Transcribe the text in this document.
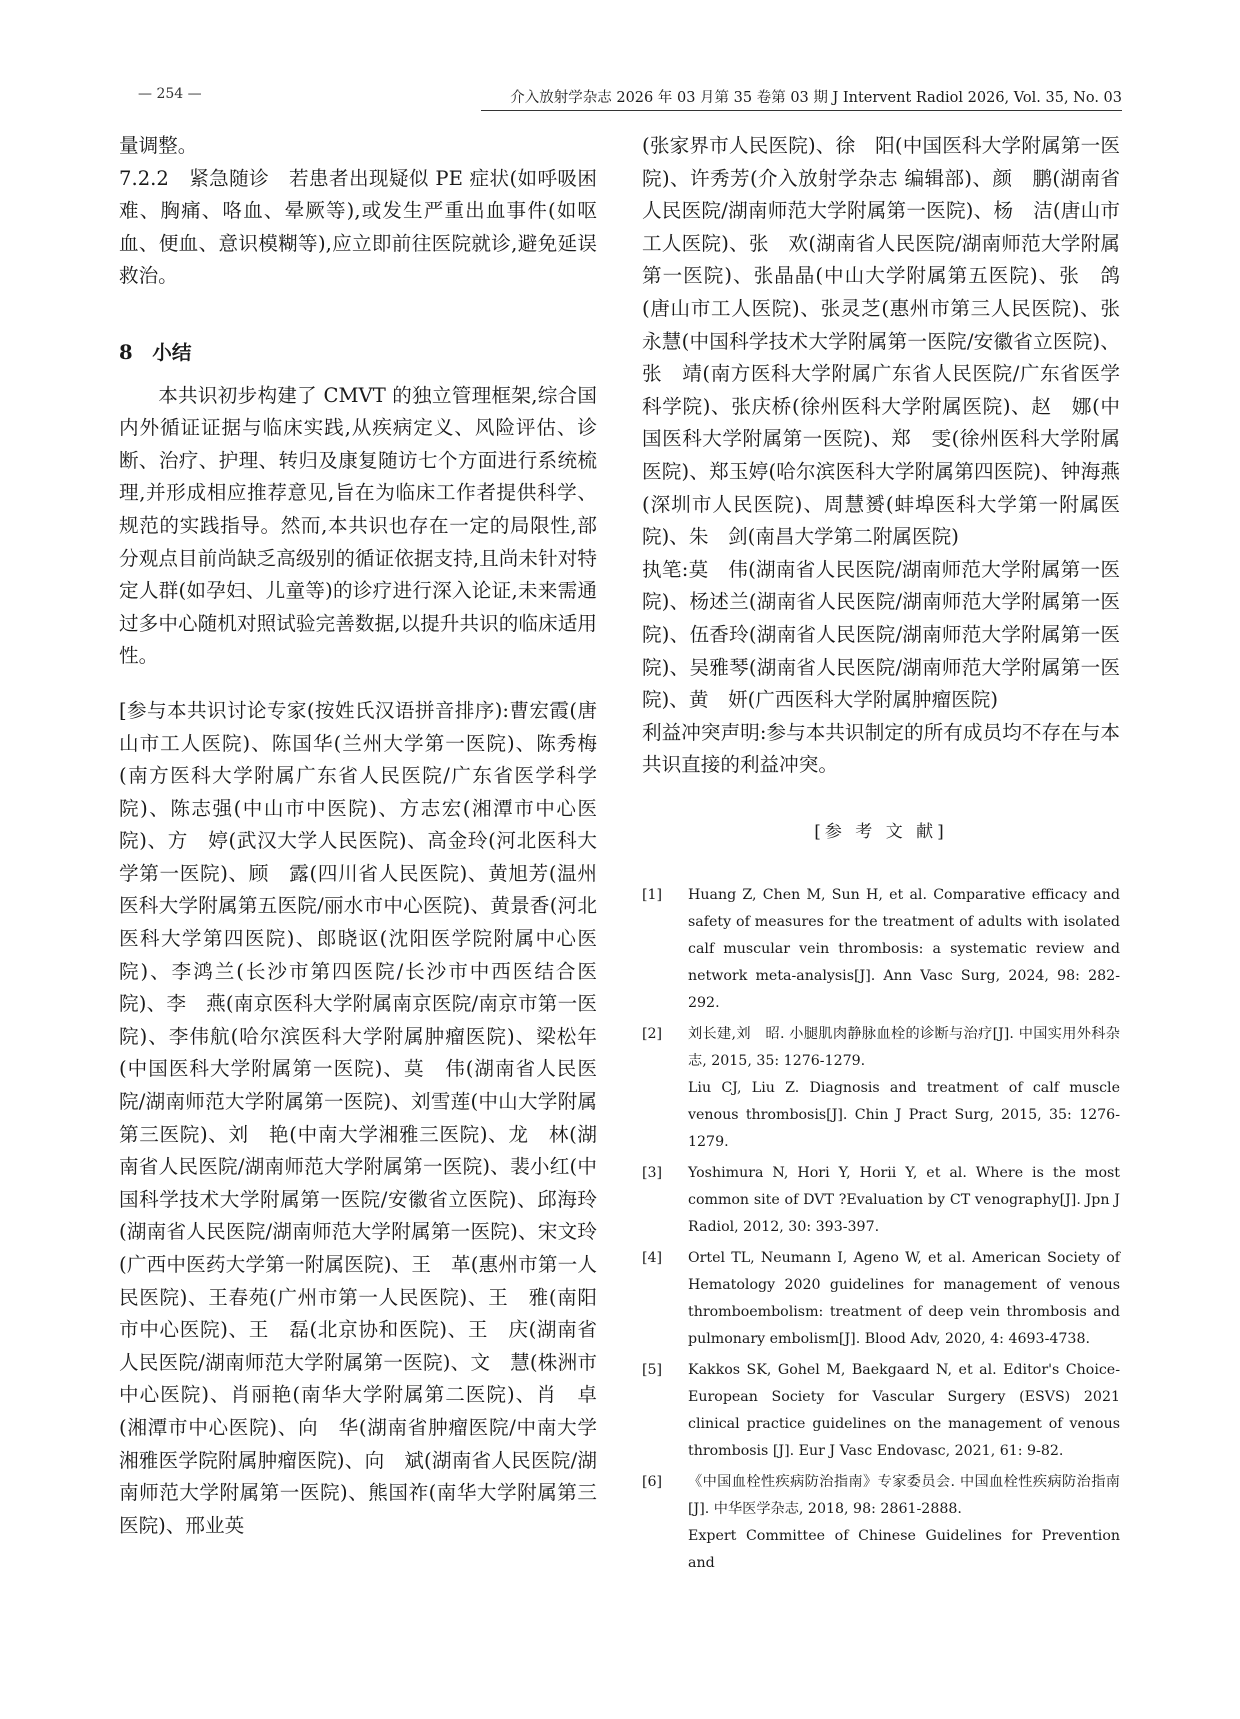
— 254 —	介入放射学杂志 2026 年 03 月第 35 卷第 03 期 J Intervent Radiol 2026, Vol. 35, No. 03

量调整。

7.2.2　紧急随诊　若患者出现疑似 PE 症状(如呼吸困难、胸痛、咯血、晕厥等),或发生严重出血事件(如呕血、便血、意识模糊等),应立即前往医院就诊,避免延误救治。

8　小结

本共识初步构建了 CMVT 的独立管理框架,综合国内外循证证据与临床实践,从疾病定义、风险评估、诊断、治疗、护理、转归及康复随访七个方面进行系统梳理,并形成相应推荐意见,旨在为临床工作者提供科学、规范的实践指导。然而,本共识也存在一定的局限性,部分观点目前尚缺乏高级别的循证依据支持,且尚未针对特定人群(如孕妇、儿童等)的诊疗进行深入论证,未来需通过多中心随机对照试验完善数据,以提升共识的临床适用性。

[参与本共识讨论专家(按姓氏汉语拼音排序):曹宏霞(唐山市工人医院)、陈国华(兰州大学第一医院)、陈秀梅(南方医科大学附属广东省人民医院/广东省医学科学院)、陈志强(中山市中医院)、方志宏(湘潭市中心医院)、方　婷(武汉大学人民医院)、高金玲(河北医科大学第一医院)、顾　露(四川省人民医院)、黄旭芳(温州医科大学附属第五医院/丽水市中心医院)、黄景香(河北医科大学第四医院)、郎晓讴(沈阳医学院附属中心医院)、李鸿兰(长沙市第四医院/长沙市中西医结合医院)、李　燕(南京医科大学附属南京医院/南京市第一医院)、李伟航(哈尔滨医科大学附属肿瘤医院)、梁松年(中国医科大学附属第一医院)、莫　伟(湖南省人民医院/湖南师范大学附属第一医院)、刘雪莲(中山大学附属第三医院)、刘　艳(中南大学湘雅三医院)、龙　林(湖南省人民医院/湖南师范大学附属第一医院)、裴小红(中国科学技术大学附属第一医院/安徽省立医院)、邱海玲(湖南省人民医院/湖南师范大学附属第一医院)、宋文玲(广西中医药大学第一附属医院)、王　革(惠州市第一人民医院)、王春苑(广州市第一人民医院)、王　雅(南阳市中心医院)、王　磊(北京协和医院)、王　庆(湖南省人民医院/湖南师范大学附属第一医院)、文　慧(株洲市中心医院)、肖丽艳(南华大学附属第二医院)、肖　卓(湘潭市中心医院)、向　华(湖南省肿瘤医院/中南大学湘雅医学院附属肿瘤医院)、向　斌(湖南省人民医院/湖南师范大学附属第一医院)、熊国祚(南华大学附属第三医院)、邢业英

(张家界市人民医院)、徐　阳(中国医科大学附属第一医院)、许秀芳(介入放射学杂志 编辑部)、颜　鹏(湖南省人民医院/湖南师范大学附属第一医院)、杨　洁(唐山市工人医院)、张　欢(湖南省人民医院/湖南师范大学附属第一医院)、张晶晶(中山大学附属第五医院)、张　鸽(唐山市工人医院)、张灵芝(惠州市第三人民医院)、张永慧(中国科学技术大学附属第一医院/安徽省立医院)、张　靖(南方医科大学附属广东省人民医院/广东省医学科学院)、张庆桥(徐州医科大学附属医院)、赵　娜(中国医科大学附属第一医院)、郑　雯(徐州医科大学附属医院)、郑玉婷(哈尔滨医科大学附属第四医院)、钟海燕(深圳市人民医院)、周慧赟(蚌埠医科大学第一附属医院)、朱　剑(南昌大学第二附属医院)

执笔:莫　伟(湖南省人民医院/湖南师范大学附属第一医院)、杨述兰(湖南省人民医院/湖南师范大学附属第一医院)、伍香玲(湖南省人民医院/湖南师范大学附属第一医院)、吴雅琴(湖南省人民医院/湖南师范大学附属第一医院)、黄　妍(广西医科大学附属肿瘤医院)

利益冲突声明:参与本共识制定的所有成员均不存在与本共识直接的利益冲突。

[参 考 文 献]
[1] Huang Z, Chen M, Sun H, et al. Comparative efficacy and safety of measures for the treatment of adults with isolated calf muscular vein thrombosis: a systematic review and network meta-analysis[J]. Ann Vasc Surg, 2024, 98: 282-292.
[2] 刘长建,刘　昭. 小腿肌肉静脉血栓的诊断与治疗[J]. 中国实用外科杂志, 2015, 35: 1276-1279.
Liu CJ, Liu Z. Diagnosis and treatment of calf muscle venous thrombosis[J]. Chin J Pract Surg, 2015, 35: 1276-1279.
[3] Yoshimura N, Hori Y, Horii Y, et al. Where is the most common site of DVT ?Evaluation by CT venography[J]. Jpn J Radiol, 2012, 30: 393-397.
[4] Ortel TL, Neumann I, Ageno W, et al. American Society of Hematology 2020 guidelines for management of venous thromboembolism: treatment of deep vein thrombosis and pulmonary embolism[J]. Blood Adv, 2020, 4: 4693-4738.
[5] Kakkos SK, Gohel M, Baekgaard N, et al. Editor's Choice-European Society for Vascular Surgery (ESVS) 2021 clinical practice guidelines on the management of venous thrombosis [J]. Eur J Vasc Endovasc, 2021, 61: 9-82.
[6] 《中国血栓性疾病防治指南》专家委员会. 中国血栓性疾病防治指南[J]. 中华医学杂志, 2018, 98: 2861-2888.
Expert Committee of Chinese Guidelines for Prevention and
